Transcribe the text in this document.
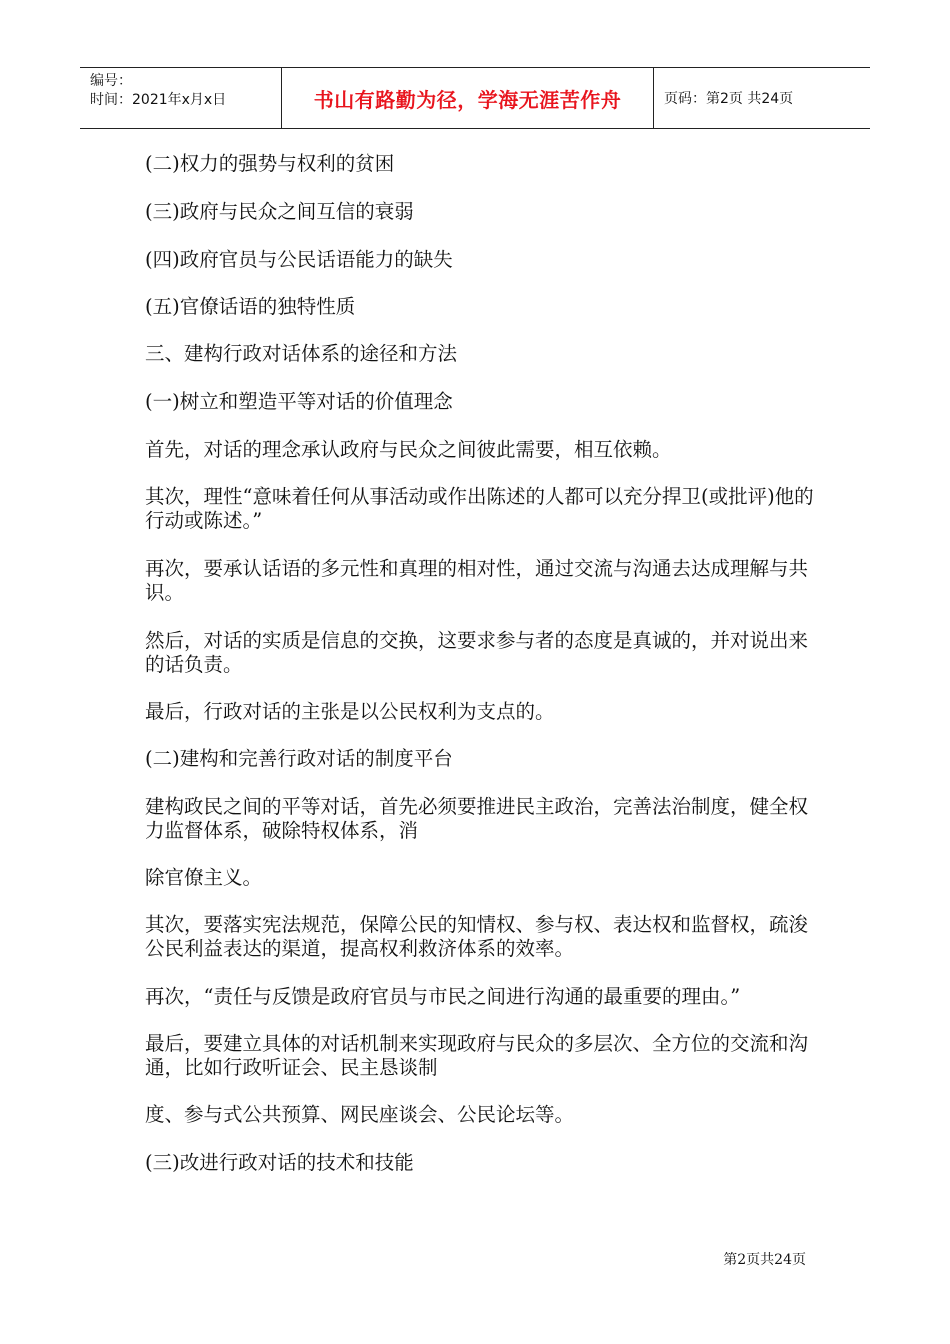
编号：
时间：2021年x月x日	书山有路勤为径，学海无涯苦作舟	页码：第2页 共24页

(二)权力的强势与权利的贫困

(三)政府与民众之间互信的衰弱

(四)政府官员与公民话语能力的缺失

(五)官僚话语的独特性质

三、建构行政对话体系的途径和方法

(一)树立和塑造平等对话的价值理念

首先，对话的理念承认政府与民众之间彼此需要，相互依赖。

其次，理性“意味着任何从事活动或作出陈述的人都可以充分捍卫(或批评)他的行动或陈述。”

再次，要承认话语的多元性和真理的相对性，通过交流与沟通去达成理解与共识。

然后，对话的实质是信息的交换，这要求参与者的态度是真诚的，并对说出来的话负责。

最后，行政对话的主张是以公民权利为支点的。

(二)建构和完善行政对话的制度平台

建构政民之间的平等对话，首先必须要推进民主政治，完善法治制度，健全权力监督体系，破除特权体系，消

除官僚主义。

其次，要落实宪法规范，保障公民的知情权、参与权、表达权和监督权，疏浚公民利益表达的渠道，提高权利救济体系的效率。

再次，“责任与反馈是政府官员与市民之间进行沟通的最重要的理由。”

最后，要建立具体的对话机制来实现政府与民众的多层次、全方位的交流和沟通，比如行政听证会、民主恳谈制

度、参与式公共预算、网民座谈会、公民论坛等。

(三)改进行政对话的技术和技能

第2页共24页
